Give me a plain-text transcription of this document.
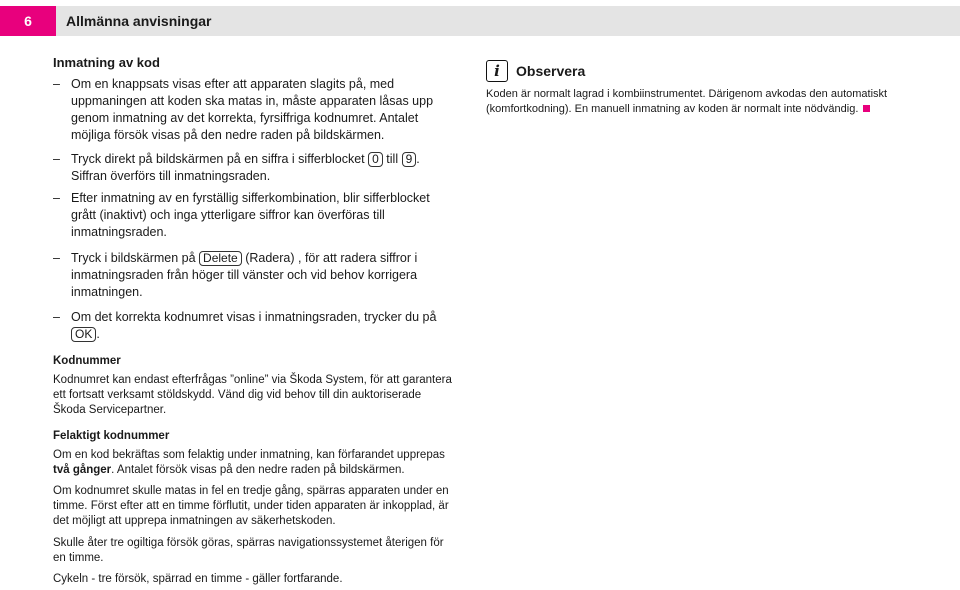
6	Allmänna anvisningar

Inmatning av kod

– Om en knappsats visas efter att apparaten slagits på, med uppmaningen att koden ska matas in, måste apparaten låsas upp genom inmatning av det korrekta, fyrsiffriga kodnumret. Antalet möjliga försök visas på den nedre raden på bildskärmen.
– Tryck direkt på bildskärmen på en siffra i sifferblocket 0 till 9 . Siffran överförs till inmatningsraden.
– Efter inmatning av en fyrställig sifferkombination, blir sifferblocket grått (inaktivt) och inga ytterligare siffror kan överföras till inmatningsraden.
– Tryck i bildskärmen på Delete (Radera) , för att radera siffror i inmatningsraden från höger till vänster och vid behov korrigera inmatningen.
– Om det korrekta kodnumret visas i inmatningsraden, trycker du på OK .

Kodnummer

Kodnumret kan endast efterfrågas ”online” via Škoda System, för att garantera ett fortsatt verksamt stöldskydd. Vänd dig vid behov till din auktoriserade Škoda Servicepartner.

Felaktigt kodnummer

Om en kod bekräftas som felaktig under inmatning, kan förfarandet upprepas två gånger. Antalet försök visas på den nedre raden på bildskärmen.

Om kodnumret skulle matas in fel en tredje gång, spärras apparaten under en timme. Först efter att en timme förflutit, under tiden apparaten är inkopplad, är det möjligt att upprepa inmatningen av säkerhetskoden.

Skulle åter tre ogiltiga försök göras, spärras navigationssystemet återigen för en timme.

Cykeln - tre försök, spärrad en timme - gäller fortfarande.

i	Observera
Koden är normalt lagrad i kombiinstrumentet. Därigenom avkodas den automatiskt (komfortkodning). En manuell inmatning av koden är normalt inte nödvändig.
